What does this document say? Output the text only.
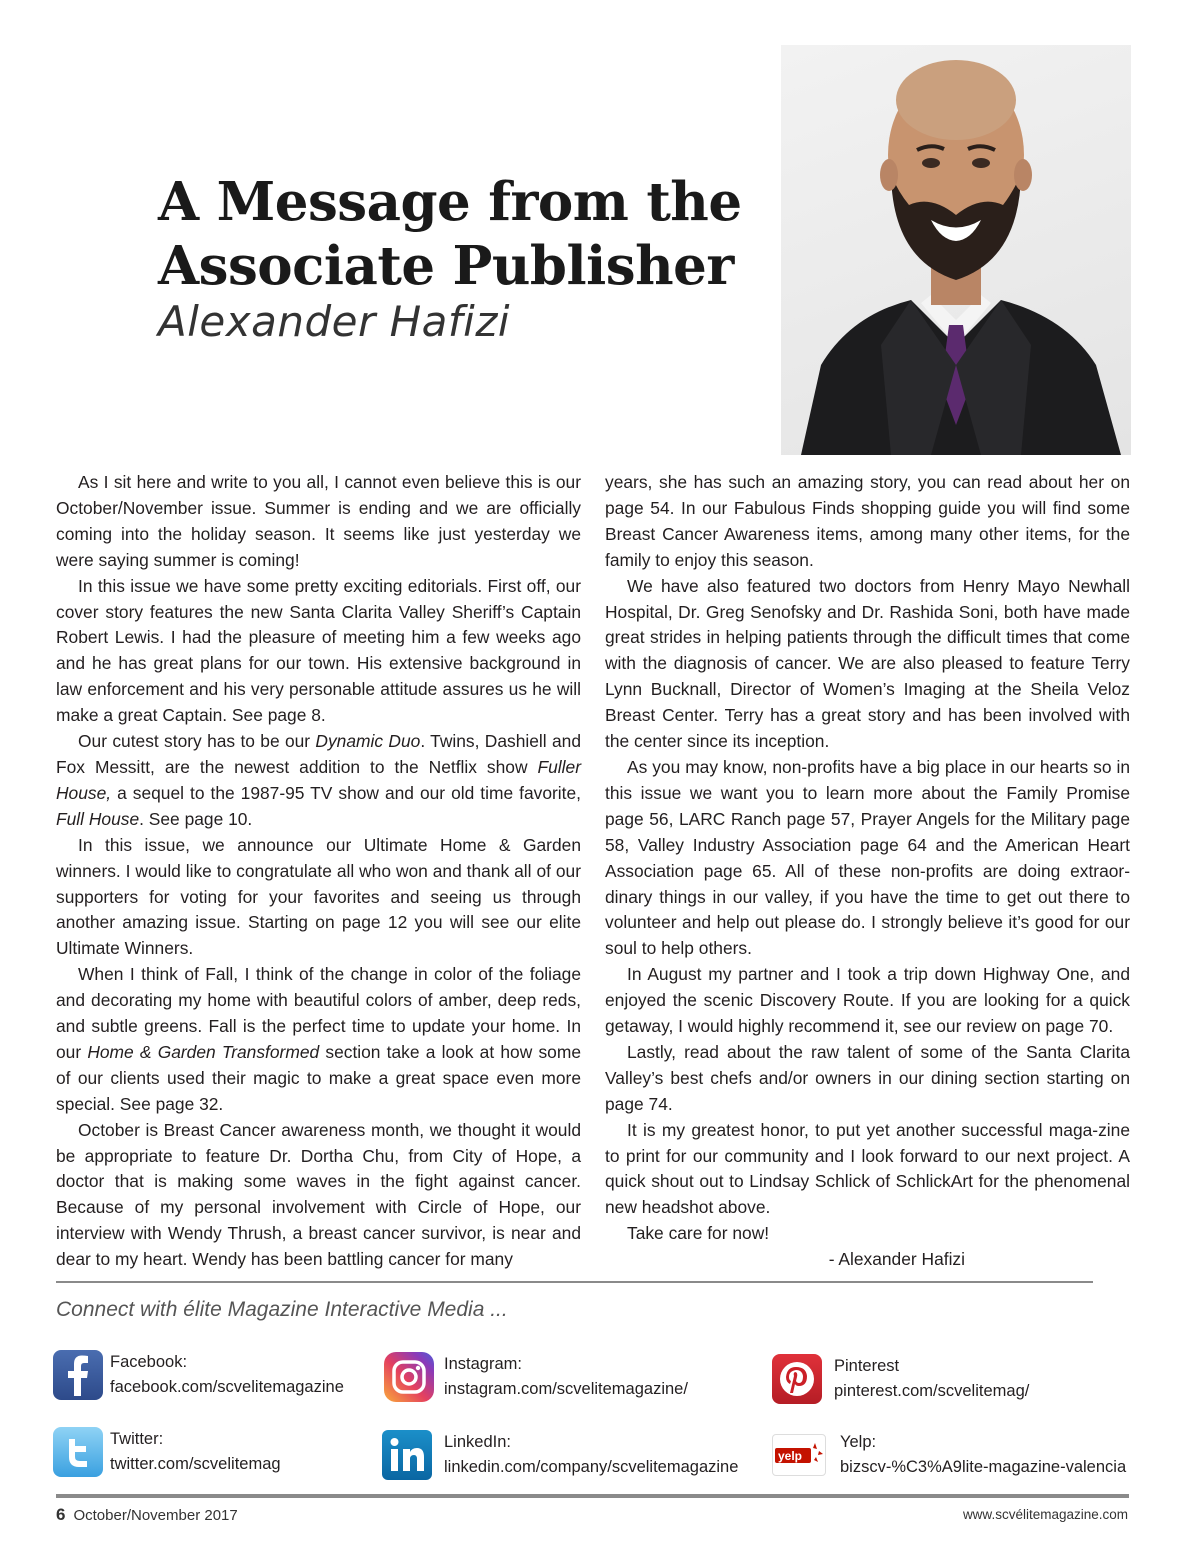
A Message from the
Associate Publisher
Alexander Hafizi

As I sit here and write to you all, I cannot even believe this is our October/November issue. Summer is ending and we are officially coming into the holiday season. It seems like just yesterday we were saying summer is coming!

In this issue we have some pretty exciting editorials. First off, our cover story features the new Santa Clarita Valley Sheriff’s Captain Robert Lewis. I had the pleasure of meeting him a few weeks ago and he has great plans for our town. His extensive background in law enforcement and his very personable attitude assures us he will make a great Captain. See page 8.

Our cutest story has to be our Dynamic Duo. Twins, Dashiell and Fox Messitt, are the newest addition to the Netflix show Fuller House, a sequel to the 1987-95 TV show and our old time favorite, Full House. See page 10.

In this issue, we announce our Ultimate Home & Garden winners. I would like to congratulate all who won and thank all of our supporters for voting for your favorites and seeing us through another amazing issue. Starting on page 12 you will see our elite Ultimate Winners.

When I think of Fall, I think of the change in color of the foliage and decorating my home with beautiful colors of amber, deep reds, and subtle greens. Fall is the perfect time to update your home. In our Home & Garden Transformed section take a look at how some of our clients used their magic to make a great space even more special. See page 32.

October is Breast Cancer awareness month, we thought it would be appropriate to feature Dr. Dortha Chu, from City of Hope, a doctor that is making some waves in the fight against cancer. Because of my personal involvement with Circle of Hope, our interview with Wendy Thrush, a breast cancer survivor, is near and dear to my heart. Wendy has been battling cancer for many

years, she has such an amazing story, you can read about her on page 54. In our Fabulous Finds shopping guide you will find some Breast Cancer Awareness items, among many other items, for the family to enjoy this season.

We have also featured two doctors from Henry Mayo Newhall Hospital, Dr. Greg Senofsky and Dr. Rashida Soni, both have made great strides in helping patients through the difficult times that come with the diagnosis of cancer. We are also pleased to feature Terry Lynn Bucknall, Director of Women’s Imaging at the Sheila Veloz Breast Center. Terry has a great story and has been involved with the center since its inception.

As you may know, non-profits have a big place in our hearts so in this issue we want you to learn more about the Family Promise page 56, LARC Ranch page 57, Prayer Angels for the Military page 58, Valley Industry Association page 64 and the American Heart Association page 65. All of these non-profits are doing extraor-dinary things in our valley, if you have the time to get out there to volunteer and help out please do. I strongly believe it’s good for our soul to help others.

In August my partner and I took a trip down Highway One, and enjoyed the scenic Discovery Route. If you are looking for a quick getaway, I would highly recommend it, see our review on page 70.

Lastly, read about the raw talent of some of the Santa Clarita Valley’s best chefs and/or owners in our dining section starting on page 74.

It is my greatest honor, to put yet another successful maga-zine to print for our community and I look forward to our next project. A quick shout out to Lindsay Schlick of SchlickArt for the phenomenal new headshot above.

Take care for now!

- Alexander Hafizi

Connect with élite Magazine Interactive Media ...
Facebook:
facebook.com/scvelitemagazine
Instagram:
instagram.com/scvelitemagazine/
Pinterest
pinterest.com/scvelitemag/
Twitter:
twitter.com/scvelitemag
LinkedIn:
linkedin.com/company/scvelitemagazine
yelp
Yelp:
bizscv-%C3%A9lite-magazine-valencia
6 October/November 2017	www.scvélitemagazine.com
